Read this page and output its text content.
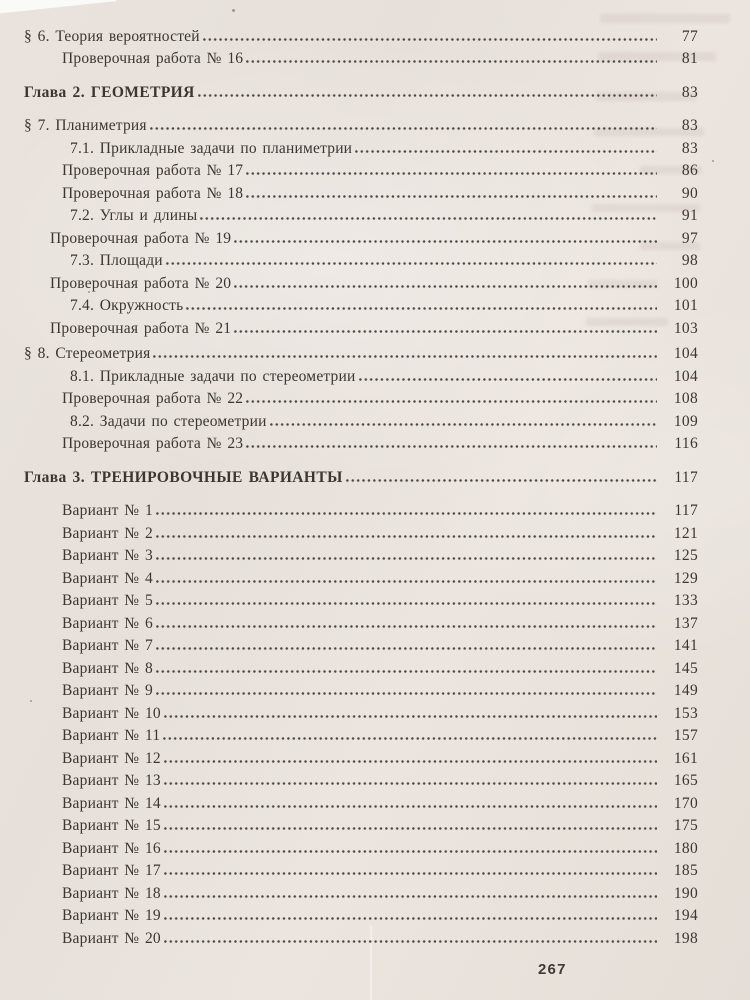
§ 6. Теория вероятностей	77
Проверочная работа № 16	81
Глава 2. ГЕОМЕТРИЯ	83
§ 7. Планиметрия	83
7.1. Прикладные задачи по планиметрии	83
Проверочная работа № 17	86
Проверочная работа № 18	90
7.2. Углы и длины	91
Проверочная работа № 19	97
7.3. Площади	98
Проверочная работа № 20	100
7.4. Окружность	101
Проверочная работа № 21	103
§ 8. Стереометрия	104
8.1. Прикладные задачи по стереометрии	104
Проверочная работа № 22	108
8.2. Задачи по стереометрии	109
Проверочная работа № 23	116
Глава 3. ТРЕНИРОВОЧНЫЕ ВАРИАНТЫ	117
Вариант № 1	117
Вариант № 2	121
Вариант № 3	125
Вариант № 4	129
Вариант № 5	133
Вариант № 6	137
Вариант № 7	141
Вариант № 8	145
Вариант № 9	149
Вариант № 10	153
Вариант № 11	157
Вариант № 12	161
Вариант № 13	165
Вариант № 14	170
Вариант № 15	175
Вариант № 16	180
Вариант № 17	185
Вариант № 18	190
Вариант № 19	194
Вариант № 20	198
267
